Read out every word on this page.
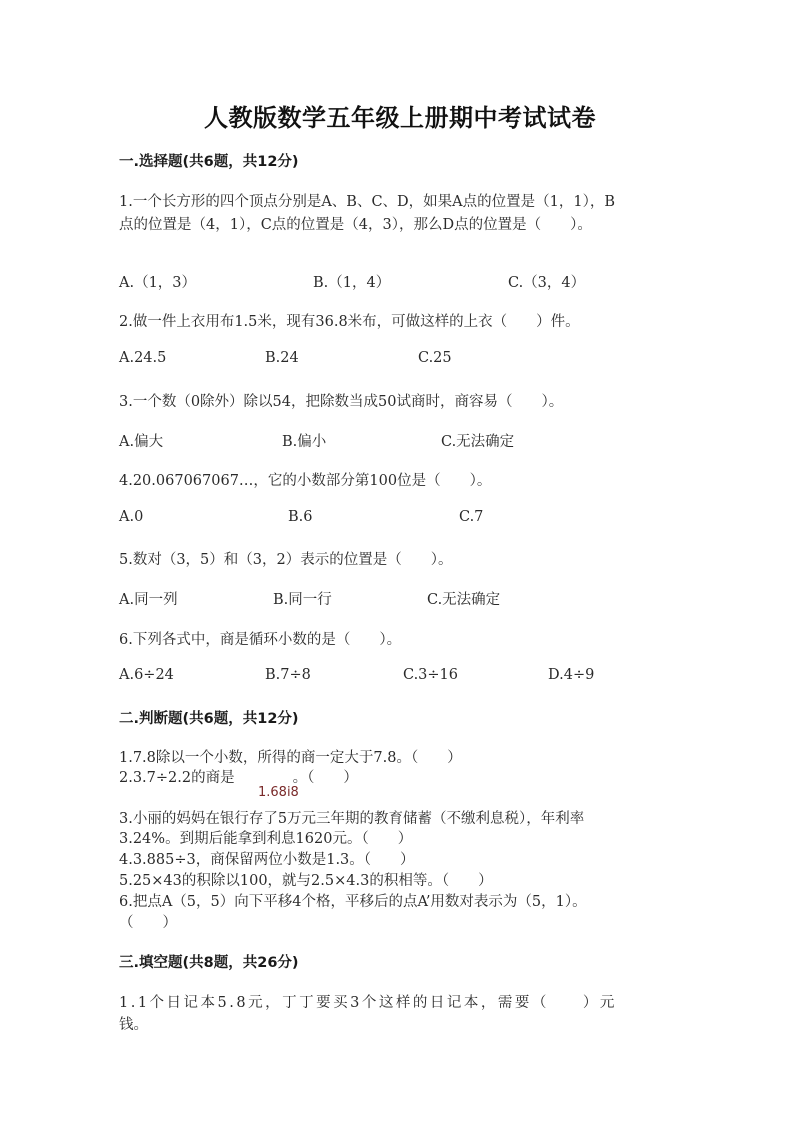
人教版数学五年级上册期中考试试卷
一.选择题(共6题，共12分)
1.一个长方形的四个顶点分别是A、B、C、D，如果A点的位置是（1，1），B
点的位置是（4，1），C点的位置是（4，3），那么D点的位置是（　　）。
A.（1，3）	B.（1，4）	C.（3，4）
2.做一件上衣用布1.5米，现有36.8米布，可做这样的上衣（　　）件。
A.24.5	B.24	C.25
3.一个数（0除外）除以54，把除数当成50试商时，商容易（　　）。
A.偏大	B.偏小	C.无法确定
4.20.067067067…，它的小数部分第100位是（　　）。
A.0	B.6	C.7
5.数对（3，5）和（3，2）表示的位置是（　　）。
A.同一列	B.同一行	C.无法确定
6.下列各式中，商是循环小数的是（　　）。
A.6÷24	B.7÷8	C.3÷16	D.4÷9
二.判断题(共6题，共12分)
1.7.8除以一个小数，所得的商一定大于7.8。（　　）
2.3.7÷2.2的商是　　　　。（　　）
1.68i8
3.小丽的妈妈在银行存了5万元三年期的教育储蓄（不缴利息税），年利率
3.24%。到期后能拿到利息1620元。（　　）
4.3.885÷3，商保留两位小数是1.3。（　　）
5.25×43的积除以100，就与2.5×4.3的积相等。（　　）
6.把点A（5，5）向下平移4个格，平移后的点A’用数对表示为（5，1）。
（　　）
三.填空题(共8题，共26分)
1.1个日记本5.8元，丁丁要买3个这样的日记本，需要（　　）元
钱。
